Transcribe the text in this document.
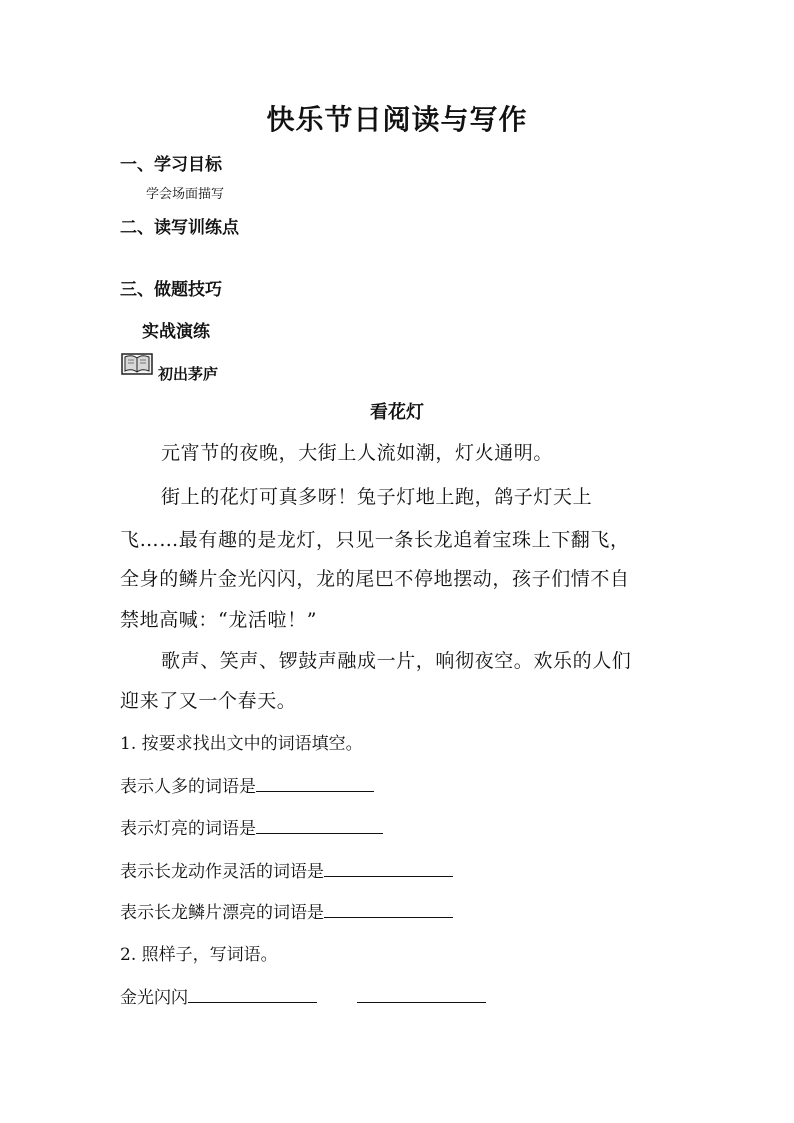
快乐节日阅读与写作
一、学习目标
学会场面描写
二、读写训练点
三、做题技巧
实战演练
初出茅庐
看花灯
元宵节的夜晚，大街上人流如潮，灯火通明。
街上的花灯可真多呀！兔子灯地上跑，鸽子灯天上
飞……最有趣的是龙灯，只见一条长龙追着宝珠上下翻飞，
全身的鳞片金光闪闪，龙的尾巴不停地摆动，孩子们情不自
禁地高喊：“龙活啦！”
歌声、笑声、锣鼓声融成一片，响彻夜空。欢乐的人们
迎来了又一个春天。
1. 按要求找出文中的词语填空。
表示人多的词语是
表示灯亮的词语是
表示长龙动作灵活的词语是
表示长龙鳞片漂亮的词语是
2. 照样子，写词语。
金光闪闪
